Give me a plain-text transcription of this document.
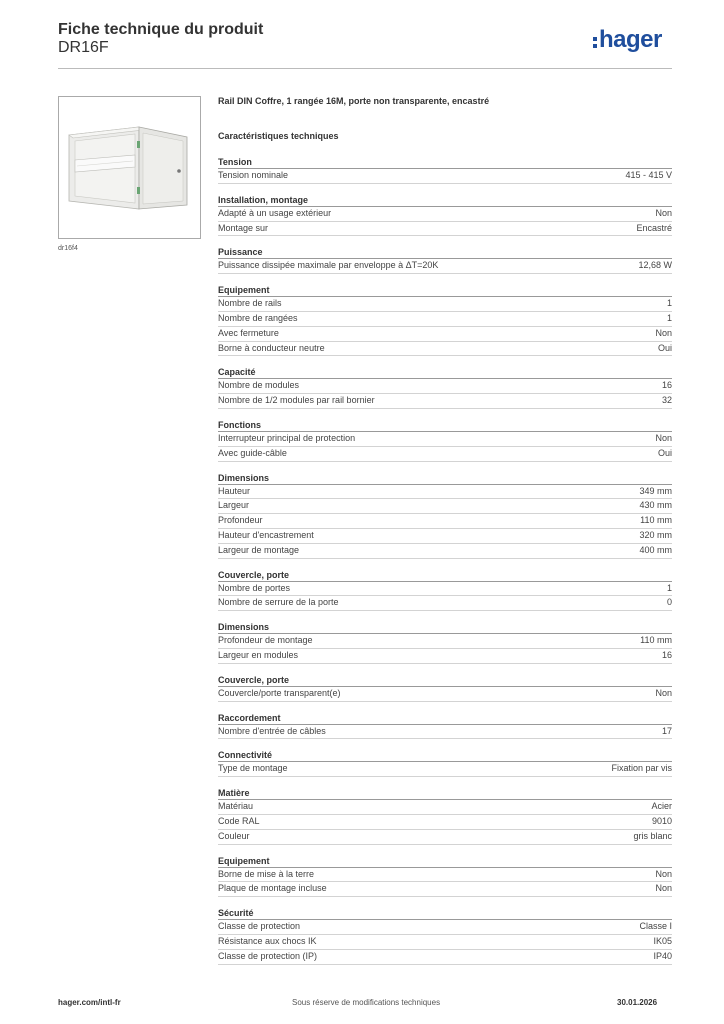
Fiche technique du produit
DR16F	hager
dr16f4
Rail DIN Coffre, 1 rangée 16M, porte non transparente, encastré
Caractéristiques techniques
Tension
Tension nominale	415 - 415 V
Installation, montage
Adapté à un usage extérieur	Non
Montage sur	Encastré
Puissance
Puissance dissipée maximale par enveloppe à ΔT=20K	12,68 W
Equipement
Nombre de rails	1
Nombre de rangées	1
Avec fermeture	Non
Borne à conducteur neutre	Oui
Capacité
Nombre de modules	16
Nombre de 1/2 modules par rail bornier	32
Fonctions
Interrupteur principal de protection	Non
Avec guide-câble	Oui
Dimensions
Hauteur	349 mm
Largeur	430 mm
Profondeur	110 mm
Hauteur d'encastrement	320 mm
Largeur de montage	400 mm
Couvercle, porte
Nombre de portes	1
Nombre de serrure de la porte	0
Dimensions
Profondeur de montage	110 mm
Largeur en modules	16
Couvercle, porte
Couvercle/porte transparent(e)	Non
Raccordement
Nombre d'entrée de câbles	17
Connectivité
Type de montage	Fixation par vis
Matière
Matériau	Acier
Code RAL	9010
Couleur	gris blanc
Equipement
Borne de mise à la terre	Non
Plaque de montage incluse	Non
Sécurité
Classe de protection	Classe I
Résistance aux chocs IK	IK05
Classe de protection (IP)	IP40
hager.com/intl-fr	Sous réserve de modifications techniques	30.01.2026
